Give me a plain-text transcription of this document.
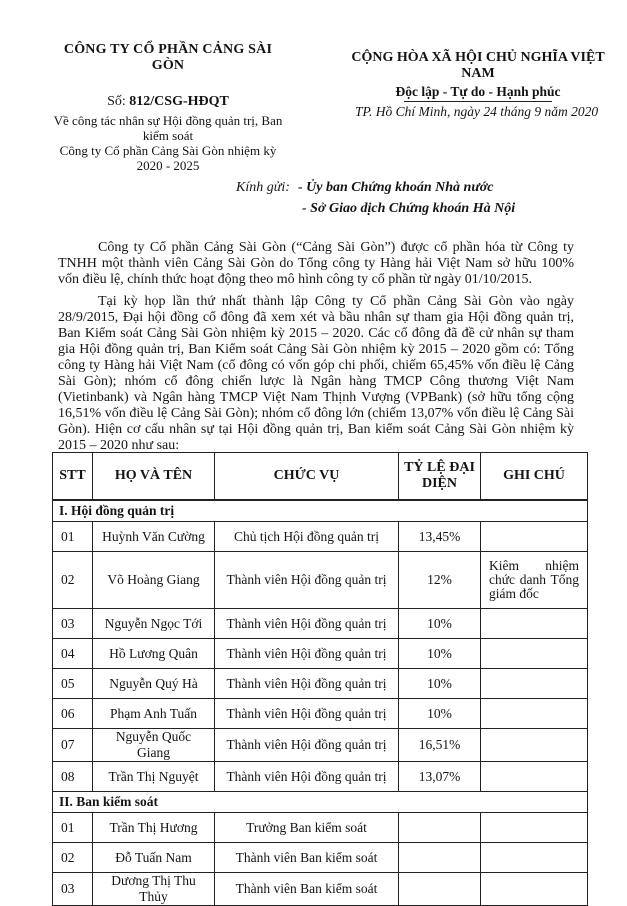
CÔNG TY CỔ PHẦN CẢNG SÀI GÒN
Số: 812/CSG-HĐQT
Về công tác nhân sự Hội đồng quản trị, Ban kiểm soát
Công ty Cổ phần Cảng Sài Gòn nhiệm kỳ 2020 - 2025
CỘNG HÒA XÃ HỘI CHỦ NGHĨA VIỆT NAM
Độc lập - Tự do - Hạnh phúc
TP. Hồ Chí Minh, ngày 24 tháng 9 năm 2020
Kính gửi: - Ủy ban Chứng khoán Nhà nước
- Sở Giao dịch Chứng khoán Hà Nội

Công ty Cổ phần Cảng Sài Gòn (“Cảng Sài Gòn”) được cổ phần hóa từ Công ty TNHH một thành viên Cảng Sài Gòn do Tổng công ty Hàng hải Việt Nam sở hữu 100% vốn điều lệ, chính thức hoạt động theo mô hình công ty cổ phần từ ngày 01/10/2015.

Tại kỳ họp lần thứ nhất thành lập Công ty Cổ phần Cảng Sài Gòn vào ngày 28/9/2015, Đại hội đồng cổ đông đã xem xét và bầu nhân sự tham gia Hội đồng quản trị, Ban Kiểm soát Cảng Sài Gòn nhiệm kỳ 2015 – 2020. Các cổ đông đã đề cử nhân sự tham gia Hội đồng quản trị, Ban Kiểm soát Cảng Sài Gòn nhiệm kỳ 2015 – 2020 gồm có: Tổng công ty Hàng hải Việt Nam (cổ đông có vốn góp chi phối, chiếm 65,45% vốn điều lệ Cảng Sài Gòn); nhóm cổ đông chiến lược là Ngân hàng TMCP Công thương Việt Nam (Vietinbank) và Ngân hàng TMCP Việt Nam Thịnh Vượng (VPBank) (sở hữu tổng cộng 16,51% vốn điều lệ Cảng Sài Gòn); nhóm cổ đông lớn (chiếm 13,07% vốn điều lệ Cảng Sài Gòn). Hiện cơ cấu nhân sự tại Hội đồng quản trị, Ban kiểm soát Cảng Sài Gòn nhiệm kỳ 2015 – 2020 như sau:

STT	HỌ VÀ TÊN	CHỨC VỤ	TỶ LỆ ĐẠI DIỆN	GHI CHÚ
I. Hội đồng quản trị				
01	Huỳnh Văn Cường	Chủ tịch Hội đồng quản trị	13,45%	
02	Võ Hoàng Giang	Thành viên Hội đồng quản trị	12%	Kiêm nhiệm chức danh Tổng giám đốc
03	Nguyễn Ngọc Tới	Thành viên Hội đồng quản trị	10%	
04	Hồ Lương Quân	Thành viên Hội đồng quản trị	10%	
05	Nguyễn Quý Hà	Thành viên Hội đồng quản trị	10%	
06	Phạm Anh Tuấn	Thành viên Hội đồng quản trị	10%	
07	Nguyễn Quốc Giang	Thành viên Hội đồng quản trị	16,51%	
08	Trần Thị Nguyệt	Thành viên Hội đồng quản trị	13,07%	
II. Ban kiểm soát				
01	Trần Thị Hương	Trưởng Ban kiểm soát		
02	Đỗ Tuấn Nam	Thành viên Ban kiểm soát		
03	Dương Thị Thu Thủy	Thành viên Ban kiểm soát		
